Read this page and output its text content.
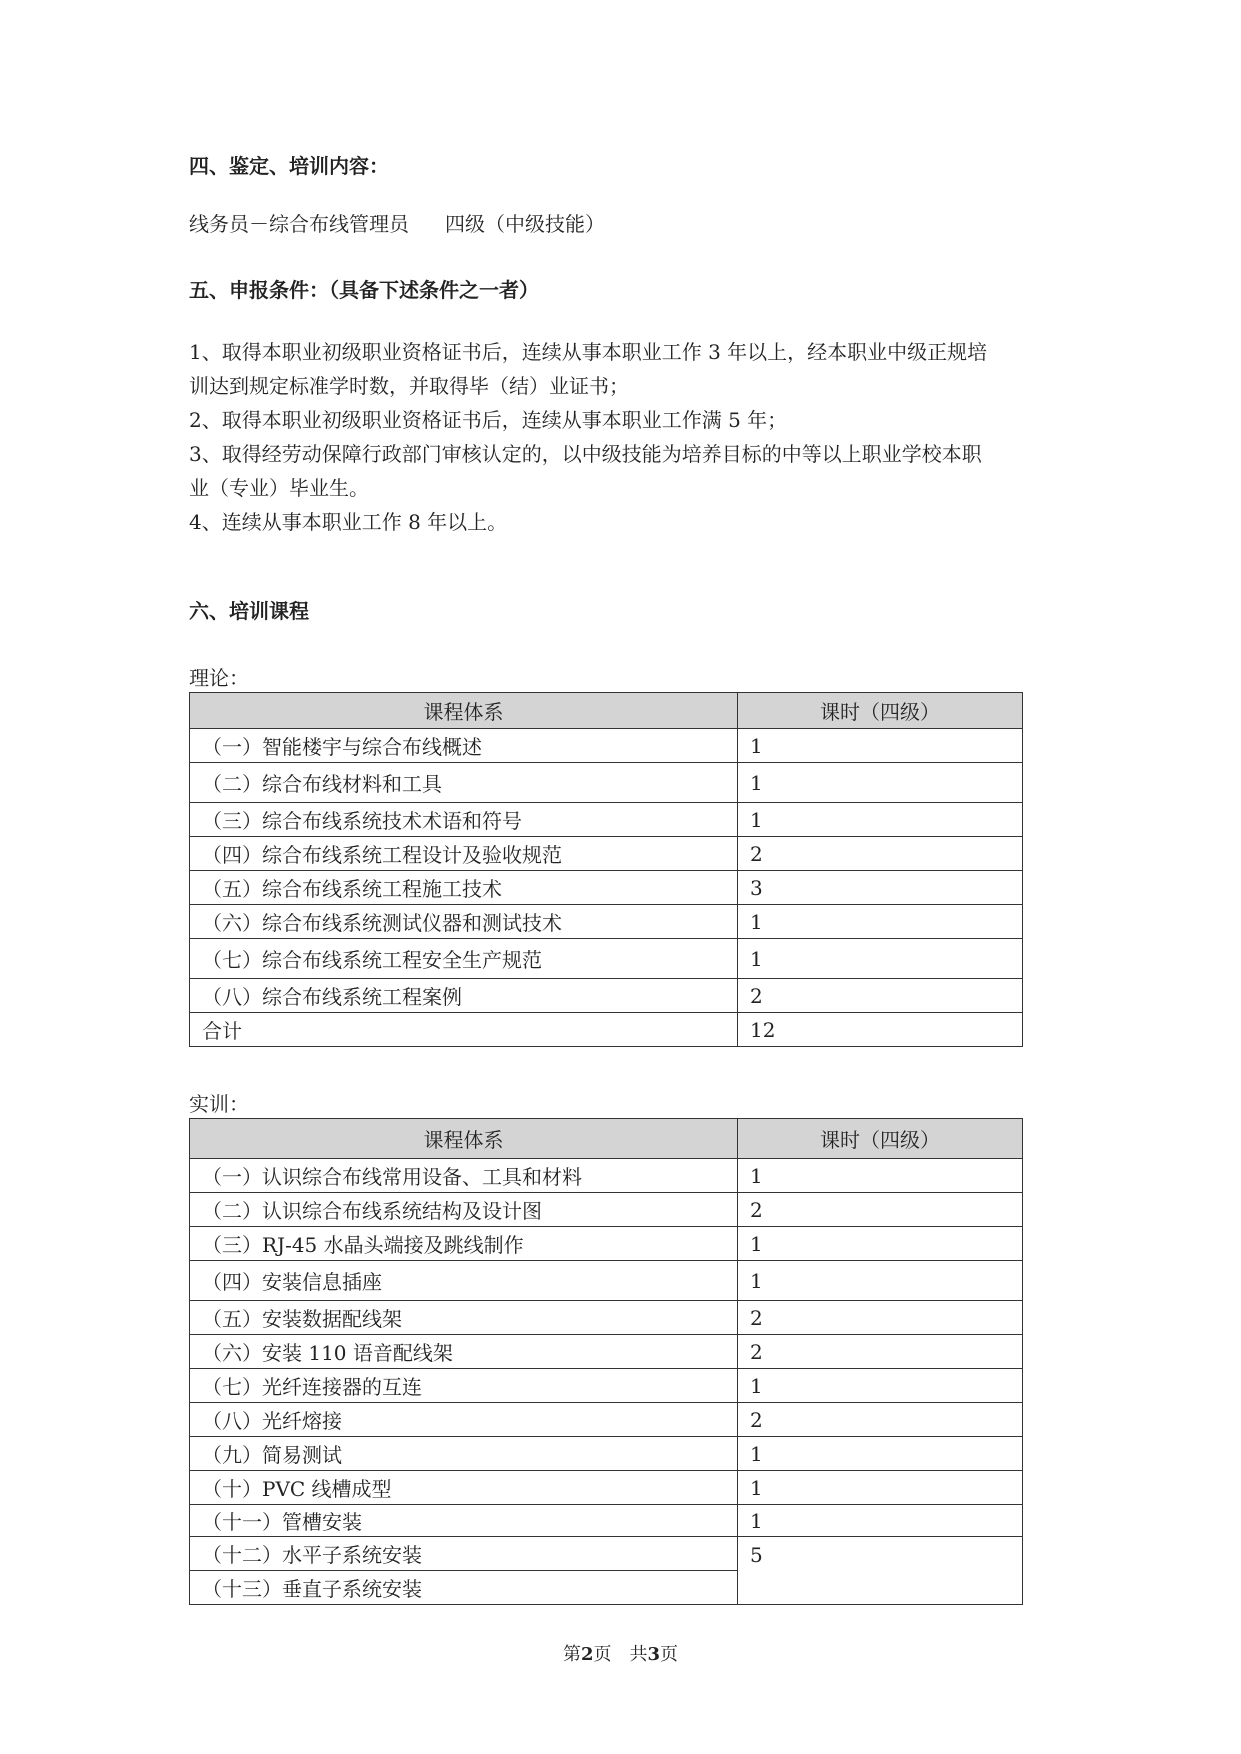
四、鉴定、培训内容：
线务员－综合布线管理员 四级（中级技能）
五、申报条件：（具备下述条件之一者）
1、取得本职业初级职业资格证书后，连续从事本职业工作 3 年以上，经本职业中级正规培
训达到规定标准学时数，并取得毕（结）业证书；
2、取得本职业初级职业资格证书后，连续从事本职业工作满 5 年；
3、取得经劳动保障行政部门审核认定的，以中级技能为培养目标的中等以上职业学校本职
业（专业）毕业生。
4、连续从事本职业工作 8 年以上。
六、培训课程
理论：
课程体系	课时（四级）
（一）智能楼宇与综合布线概述	1
（二）综合布线材料和工具	1
（三）综合布线系统技术术语和符号	1
（四）综合布线系统工程设计及验收规范	2
（五）综合布线系统工程施工技术	3
（六）综合布线系统测试仪器和测试技术	1
（七）综合布线系统工程安全生产规范	1
（八）综合布线系统工程案例	2
合计	12
实训：
课程体系	课时（四级）
（一）认识综合布线常用设备、工具和材料	1
（二）认识综合布线系统结构及设计图	2
（三）RJ-45 水晶头端接及跳线制作	1
（四）安装信息插座	1
（五）安装数据配线架	2
（六）安装 110 语音配线架	2
（七）光纤连接器的互连	1
（八）光纤熔接	2
（九）简易测试	1
（十）PVC 线槽成型	1
（十一）管槽安装	1
（十二）水平子系统安装	5
（十三）垂直子系统安装	
第2页　共3页
